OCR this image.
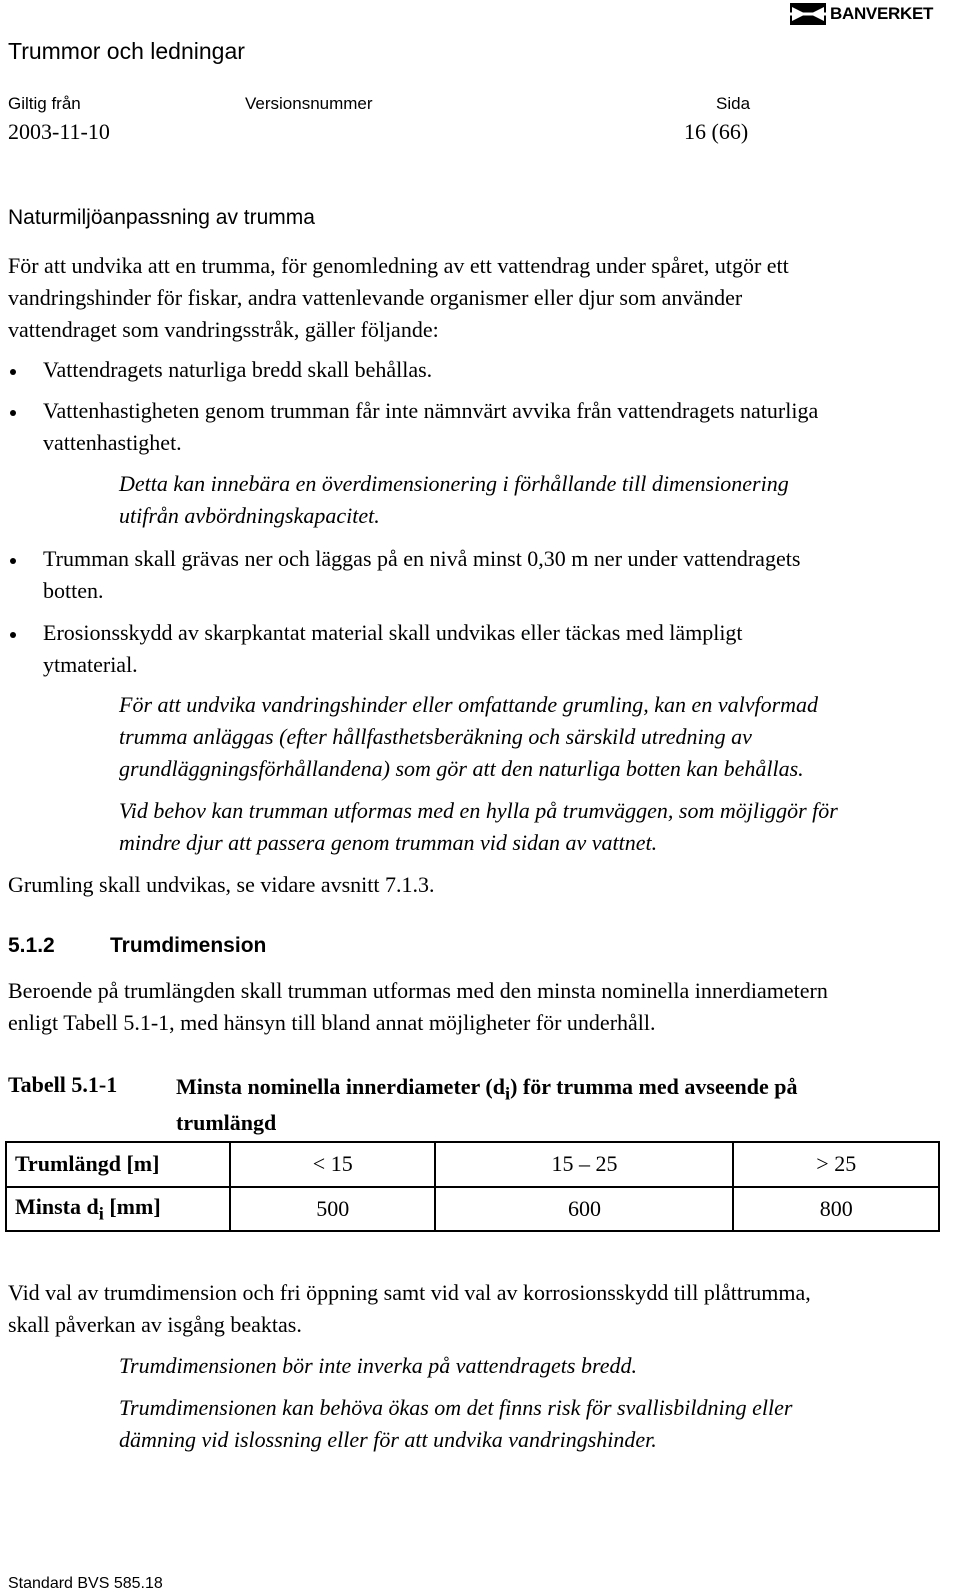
BANVERKET
Trummor och ledningar
Giltig från	Versionsnummer	Sida
2003-11-10	16 (66)
Naturmiljöanpassning av trumma
För att undvika att en trumma, för genomledning av ett vattendrag under spåret, utgör ett
vandringshinder för fiskar, andra vattenlevande organismer eller djur som använder
vattendraget som vandringsstråk, gäller följande:
Vattendragets naturliga bredd skall behållas.
Vattenhastigheten genom trumman får inte nämnvärt avvika från vattendragets naturliga
vattenhastighet.
Detta kan innebära en överdimensionering i förhållande till dimensionering
utifrån avbördningskapacitet.
Trumman skall grävas ner och läggas på en nivå minst 0,30 m ner under vattendragets
botten.
Erosionsskydd av skarpkantat material skall undvikas eller täckas med lämpligt
ytmaterial.
För att undvika vandringshinder eller omfattande grumling, kan en valvformad
trumma anläggas (efter hållfasthetsberäkning och särskild utredning av
grundläggningsförhållandena) som gör att den naturliga botten kan behållas.
Vid behov kan trumman utformas med en hylla på trumväggen, som möjliggör för
mindre djur att passera genom trumman vid sidan av vattnet.
Grumling skall undvikas, se vidare avsnitt 7.1.3.
5.1.2	Trumdimension
Beroende på trumlängden skall trumman utformas med den minsta nominella innerdiametern
enligt Tabell 5.1-1, med hänsyn till bland annat möjligheter för underhåll.
Tabell 5.1-1	Minsta nominella innerdiameter $(d_i)$ för trumma med avseende på
trumlängd
Trumlängd [m]	< 15	15 – 25	> 25
Minsta $d_i$ [mm]	500	600	800
Vid val av trumdimension och fri öppning samt vid val av korrosionsskydd till plåttrumma,
skall påverkan av isgång beaktas.
Trumdimensionen bör inte inverka på vattendragets bredd.
Trumdimensionen kan behöva ökas om det finns risk för svallisbildning eller
dämning vid islossning eller för att undvika vandringshinder.
Standard BVS 585.18
